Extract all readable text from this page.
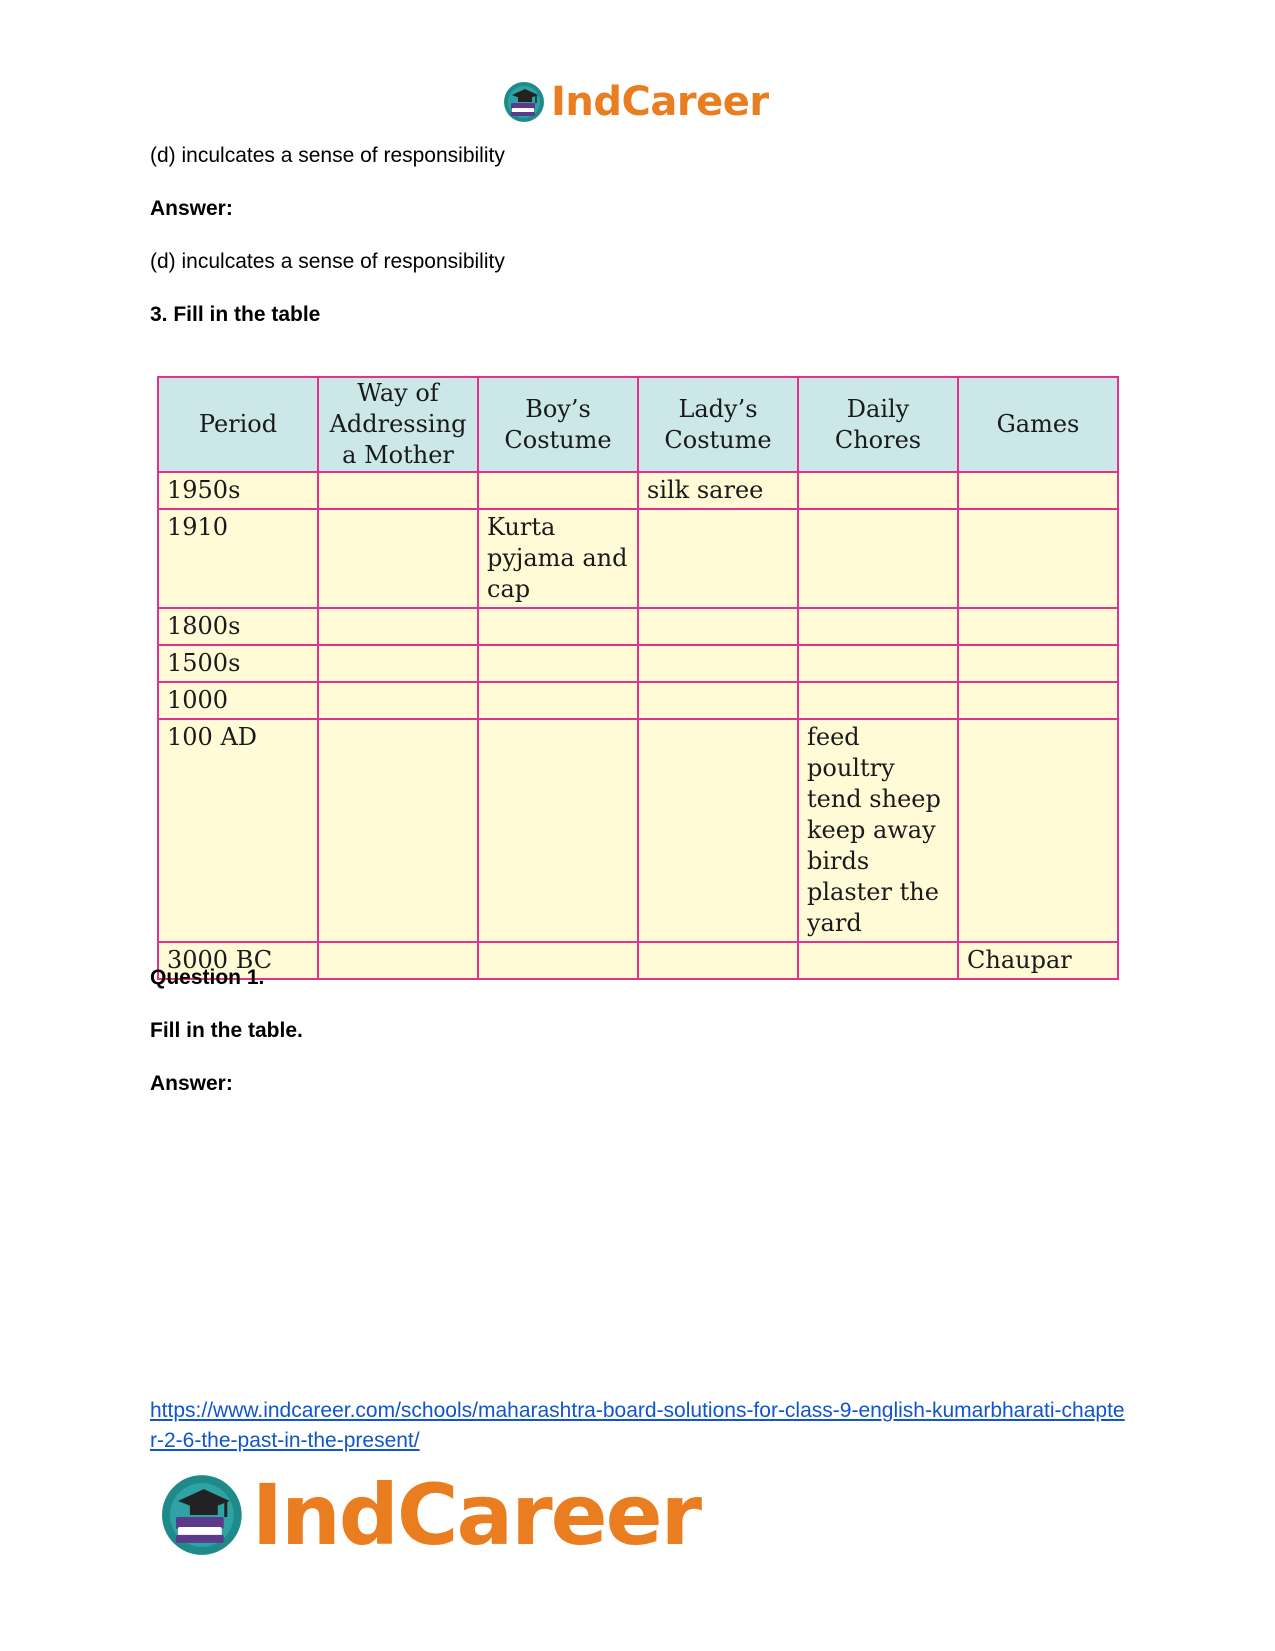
IndCareer
(d) inculcates a sense of responsibility
Answer:
(d) inculcates a sense of responsibility
3. Fill in the table
Period	Way of Addressing a Mother	Boy’s Costume	Lady’s Costume	Daily Chores	Games
1950s			silk saree		
1910		Kurta pyjama and cap			
1800s					
1500s					
1000					
100 AD				feed poultry tend sheep keep away birds plaster the yard	
3000 BC					Chaupar
Question 1.
Fill in the table.
Answer:
https://www.indcareer.com/schools/maharashtra-board-solutions-for-class-9-english-kumarbharati-chapter-2-6-the-past-in-the-present/
IndCareer
